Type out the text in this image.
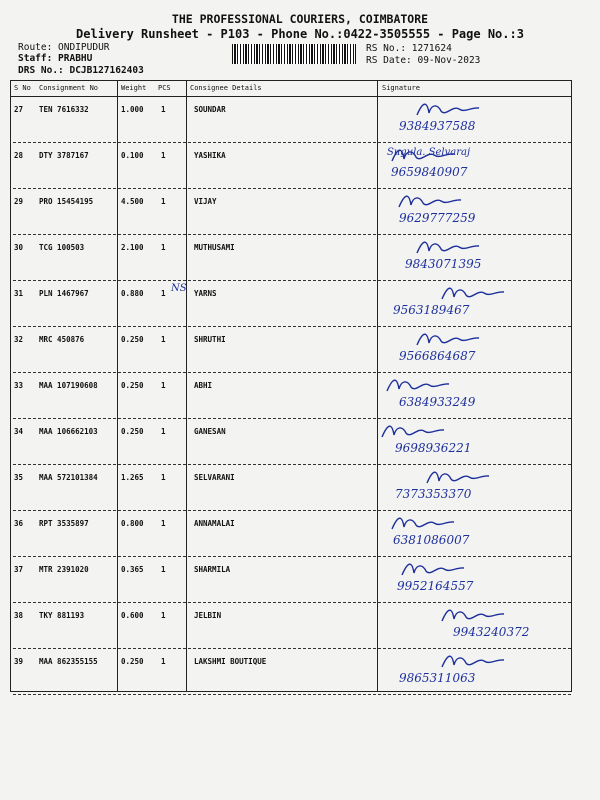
THE PROFESSIONAL COURIERS, COIMBATORE
Delivery Runsheet - P103 - Phone No.:0422-3505555 - Page No.:3
Route: ONDIPUDUR
Staff: PRABHU
DRS No.: DCJB127162403
RS No.: 1271624
RS Date: 09-Nov-2023
S No Consignment No	Weight PCS	Consignee Details	Signature
27 TEN 7616332	1.000 1	SOUNDAR
9384937588
28 DTY 3787167	0.100 1	YASHIKA	Sugula. Selvaraj
9659840907
29 PRO 15454195	4.500 1	VIJAY
9629777259
30 TCG 100503	2.100 1	MUTHUSAMI
9843071395
31 PLN 1467967	0.880 1	YARNS
NS
9563189467
32 MRC 450876	0.250 1	SHRUTHI
9566864687
33 MAA 107190608	0.250 1	ABHI
6384933249
34 MAA 106662103	0.250 1	GANESAN
9698936221
35 MAA 572101384	1.265 1	SELVARANI
7373353370
36 RPT 3535897	0.800 1	ANNAMALAI
6381086007
37 MTR 2391020	0.365 1	SHARMILA
9952164557
38 TKY 881193	0.600 1	JELBIN
9943240372
39 MAA 862355155	0.250 1	LAKSHMI BOUTIQUE
9865311063
